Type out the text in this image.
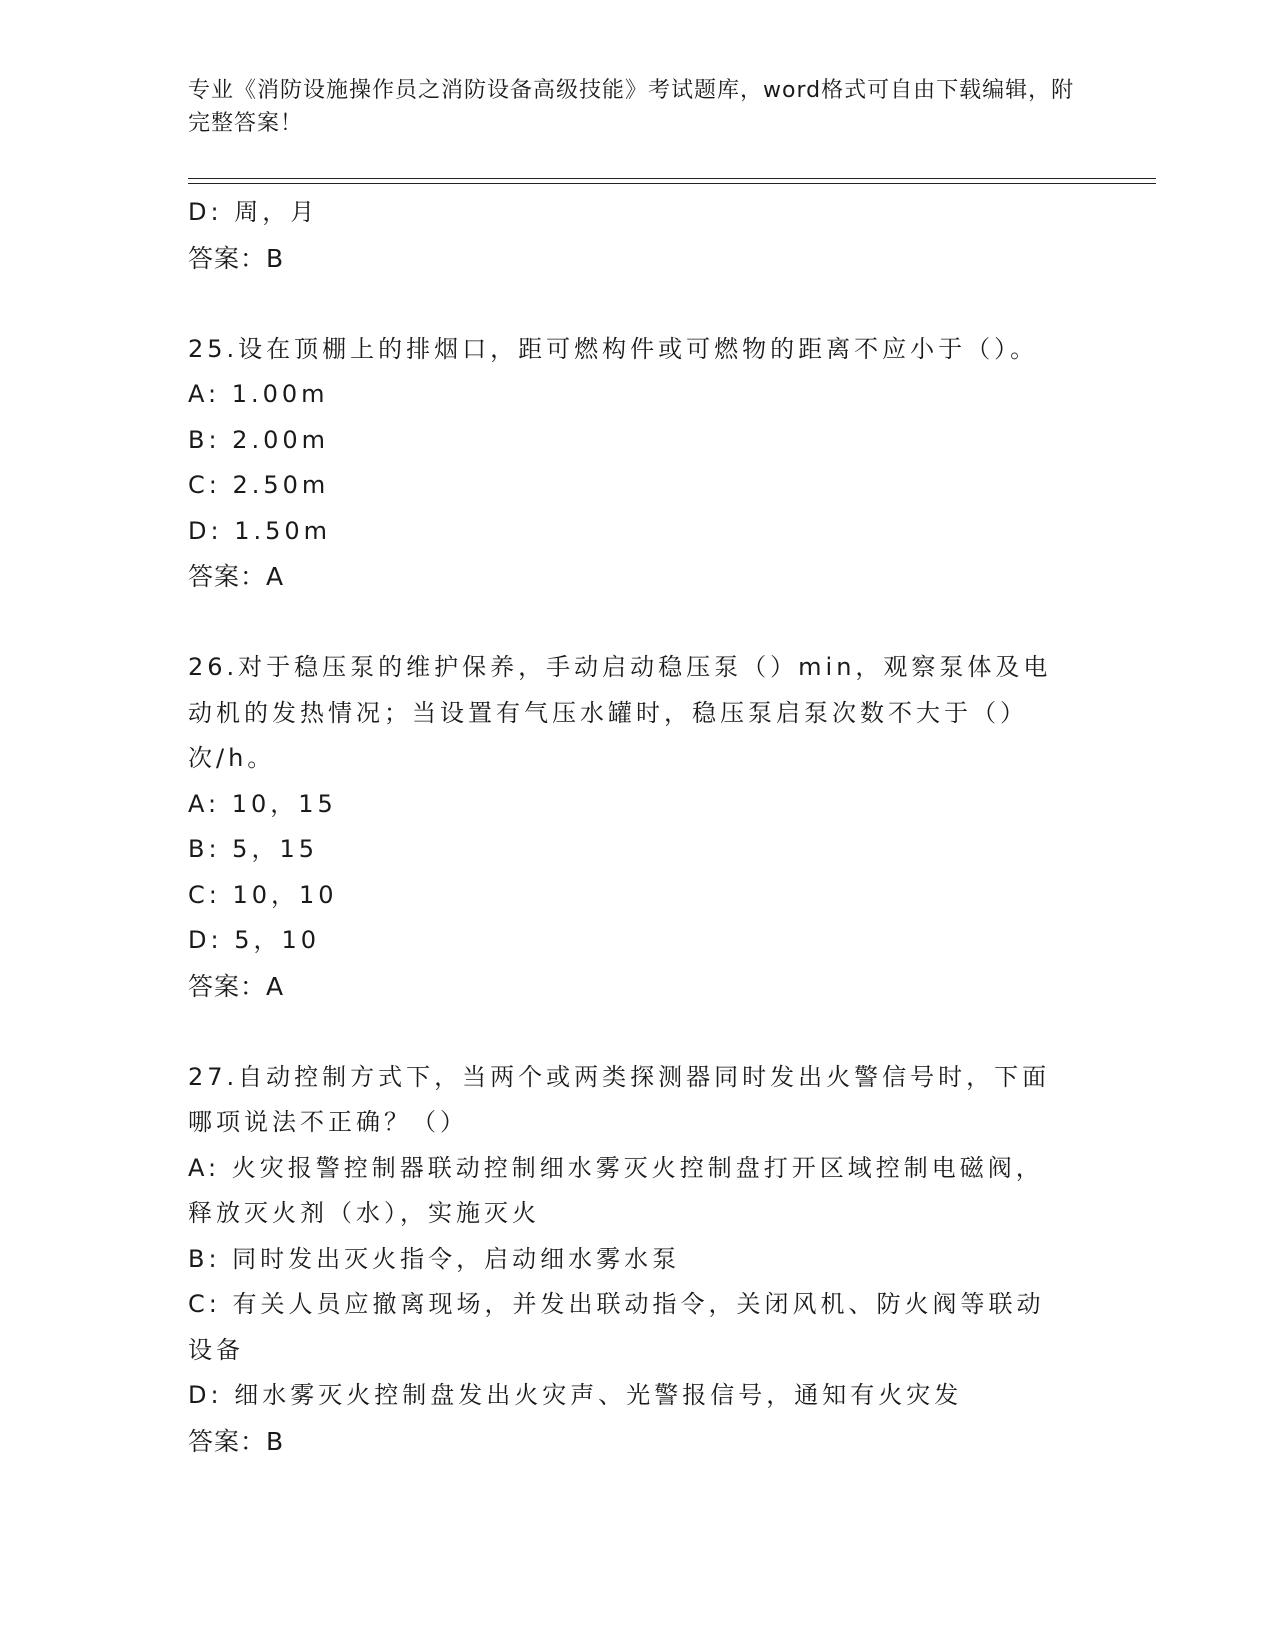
专业《消防设施操作员之消防设备高级技能》考试题库，word格式可自由下载编辑，附完整答案！
D: 周，月
答案：B
25.设在顶棚上的排烟口，距可燃构件或可燃物的距离不应小于（）。
A: 1.00m
B: 2.00m
C: 2.50m
D: 1.50m
答案：A
26.对于稳压泵的维护保养，手动启动稳压泵（）min，观察泵体及电
动机的发热情况；当设置有气压水罐时，稳压泵启泵次数不大于（）
次/h。
A: 10，15
B: 5，15
C: 10，10
D: 5，10
答案：A
27.自动控制方式下，当两个或两类探测器同时发出火警信号时，下面
哪项说法不正确？（）
A: 火灾报警控制器联动控制细水雾灭火控制盘打开区域控制电磁阀，
释放灭火剂（水），实施灭火
B: 同时发出灭火指令，启动细水雾水泵
C: 有关人员应撤离现场，并发出联动指令，关闭风机、防火阀等联动
设备
D: 细水雾灭火控制盘发出火灾声、光警报信号，通知有火灾发
答案：B
